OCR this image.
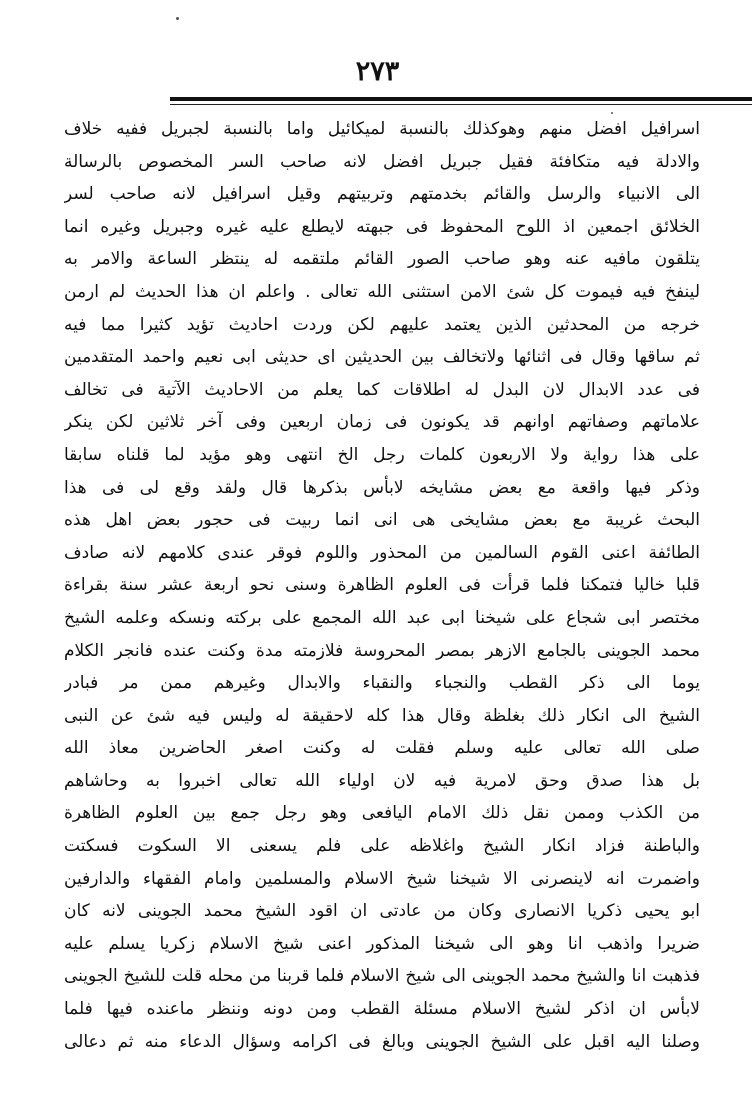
٢٧٣
اسرافيل افضل منهم وهوكذلك بالنسبة لميكائيل واما بالنسبة لجبريل ففيه خلاف
والادلة فيه متكافئة فقيل جبريل افضل لانه صاحب السر المخصوص بالرسالة
الى الانبياء والرسل والقائم بخدمتهم وتربيتهم وقيل اسرافيل لانه صاحب لسر
الخلائق اجمعين اذ اللوح المحفوظ فى جبهته لايطلع عليه غيره وجبريل وغيره انما
يتلقون مافيه عنه وهو صاحب الصور القائم ملتقمه له ينتظر الساعة والامر به
لينفخ فيه فيموت كل شئ الامن استثنى الله تعالى . واعلم ان هذا الحديث لم ارمن
خرجه من المحدثين الذين يعتمد عليهم لكن وردت احاديث تؤيد كثيرا مما فيه
ثم ساقها وقال فى اثنائها ولاتخالف بين الحديثين اى حديثى ابى نعيم واحمد المتقدمين
فى عدد الابدال لان البدل له اطلاقات كما يعلم من الاحاديث الآتية فى تخالف
علاماتهم وصفاتهم اوانهم قد يكونون فى زمان اربعين وفى آخر ثلاثين لكن ينكر
على هذا رواية ولا الاربعون كلمات رجل الخ انتهى وهو مؤيد لما قلناه سابقا
وذكر فيها واقعة مع بعض مشايخه لابأس بذكرها قال ولقد وقع لى فى هذا
البحث غريبة مع بعض مشايخى هى انى انما ربيت فى حجور بعض اهل هذه
الطائفة اعنى القوم السالمين من المحذور واللوم فوقر عندى كلامهم لانه صادف
قلبا خاليا فتمكنا فلما قرأت فى العلوم الظاهرة وسنى نحو اربعة عشر سنة بقراءة
مختصر ابى شجاع على شيخنا ابى عبد الله المجمع على بركته ونسكه وعلمه الشيخ
محمد الجوينى بالجامع الازهر بمصر المحروسة فلازمته مدة وكنت عنده فانجر الكلام
يوما الى ذكر القطب والنجباء والنقباء والابدال وغيرهم ممن مر فبادر
الشيخ الى انكار ذلك بغلظة وقال هذا كله لاحقيقة له وليس فيه شئ عن النبى
صلى الله تعالى عليه وسلم فقلت له وكنت اصغر الحاضرين معاذ الله
بل هذا صدق وحق لامرية فيه لان اولياء الله تعالى اخبروا به وحاشاهم
من الكذب وممن نقل ذلك الامام اليافعى وهو رجل جمع بين العلوم الظاهرة
والباطنة فزاد انكار الشيخ واغلاظه على فلم يسعنى الا السكوت فسكتت
واضمرت انه لاينصرنى الا شيخنا شيخ الاسلام والمسلمين وامام الفقهاء والدارفين
ابو يحيى ذكريا الانصارى وكان من عادتى ان اقود الشيخ محمد الجوينى لانه كان
ضريرا واذهب انا وهو الى شيخنا المذكور اعنى شيخ الاسلام زكريا يسلم عليه
فذهبت انا والشيخ محمد الجوينى الى شيخ الاسلام فلما قربنا من محله قلت للشيخ الجوينى
لابأس ان اذكر لشيخ الاسلام مسئلة القطب ومن دونه وننظر ماعنده فيها فلما
وصلنا اليه اقبل على الشيخ الجوينى وبالغ فى اكرامه وسؤال الدعاء منه ثم دعالى
